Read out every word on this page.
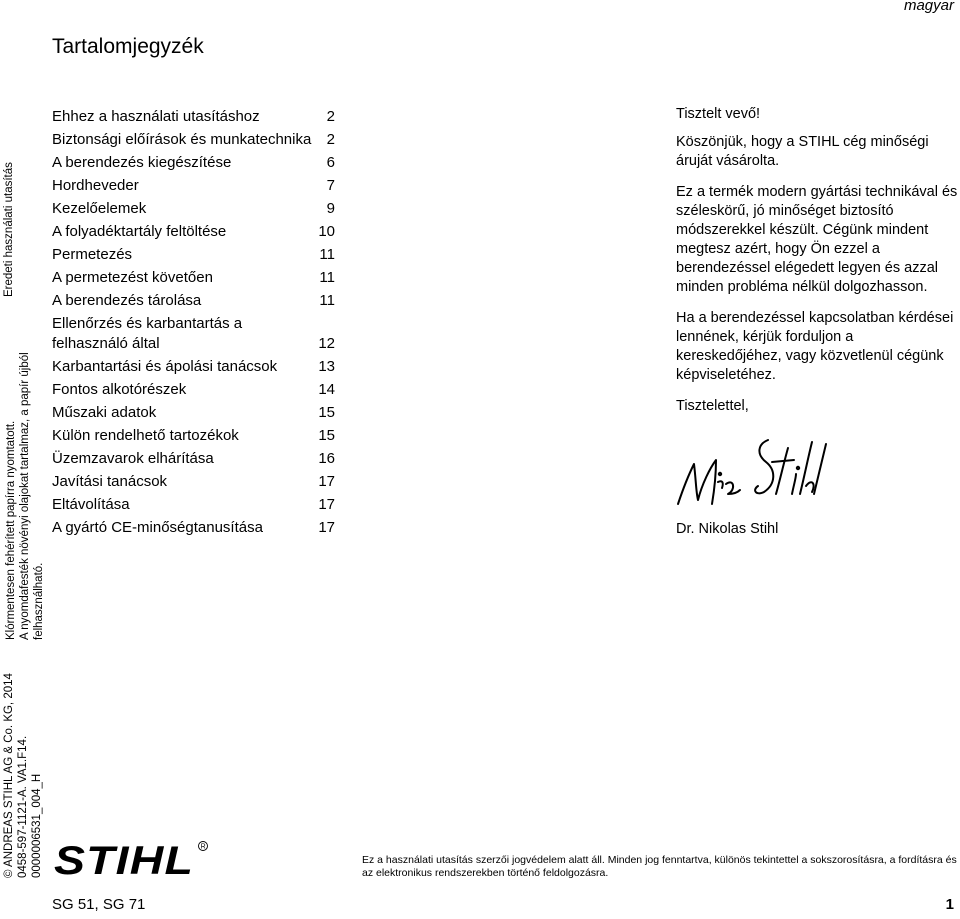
magyar
Tartalomjegyzék
Ehhez a használati utasításhoz	2
Biztonsági előírások és munkatechnika	2
A berendezés kiegészítése	6
Hordheveder	7
Kezelőelemek	9
A folyadéktartály feltöltése	10
Permetezés	11
A permetezést követően	11
A berendezés tárolása	11
Ellenőrzés és karbantartás a felhasználó által	12
Karbantartási és ápolási tanácsok	13
Fontos alkotórészek	14
Műszaki adatok	15
Külön rendelhető tartozékok	15
Üzemzavarok elhárítása	16
Javítási tanácsok	17
Eltávolítása	17
A gyártó CE-minőségtanusítása	17

Tisztelt vevő!

Köszönjük, hogy a STIHL cég minőségi áruját vásárolta.

Ez a termék modern gyártási technikával és széleskörű, jó minőséget biztosító módszerekkel készült. Cégünk mindent megtesz azért, hogy Ön ezzel a berendezéssel elégedett legyen és azzal minden probléma nélkül dolgozhasson.

Ha a berendezéssel kapcsolatban kérdései lennének, kérjük forduljon a kereskedőjéhez, vagy közvetlenül cégünk képviseletéhez.

Tisztelettel,

Dr. Nikolas Stihl
Eredeti használati utasítás
Klórmentesen fehérített papírra nyomtatott. A nyomdafesték növényi olajokat tartalmaz, a papír újból felhasználható.
© ANDREAS STIHL AG & Co. KG, 2014 0458-597-1121-A. VA1.F14. 0000006531_004_H STIHL R
Ez a használati utasítás szerzői jogvédelem alatt áll. Minden jog fenntartva, különös tekintettel a sokszorosításra, a fordításra és az elektronikus rendszerekben történő feldolgozásra.
SG 51, SG 71	1
